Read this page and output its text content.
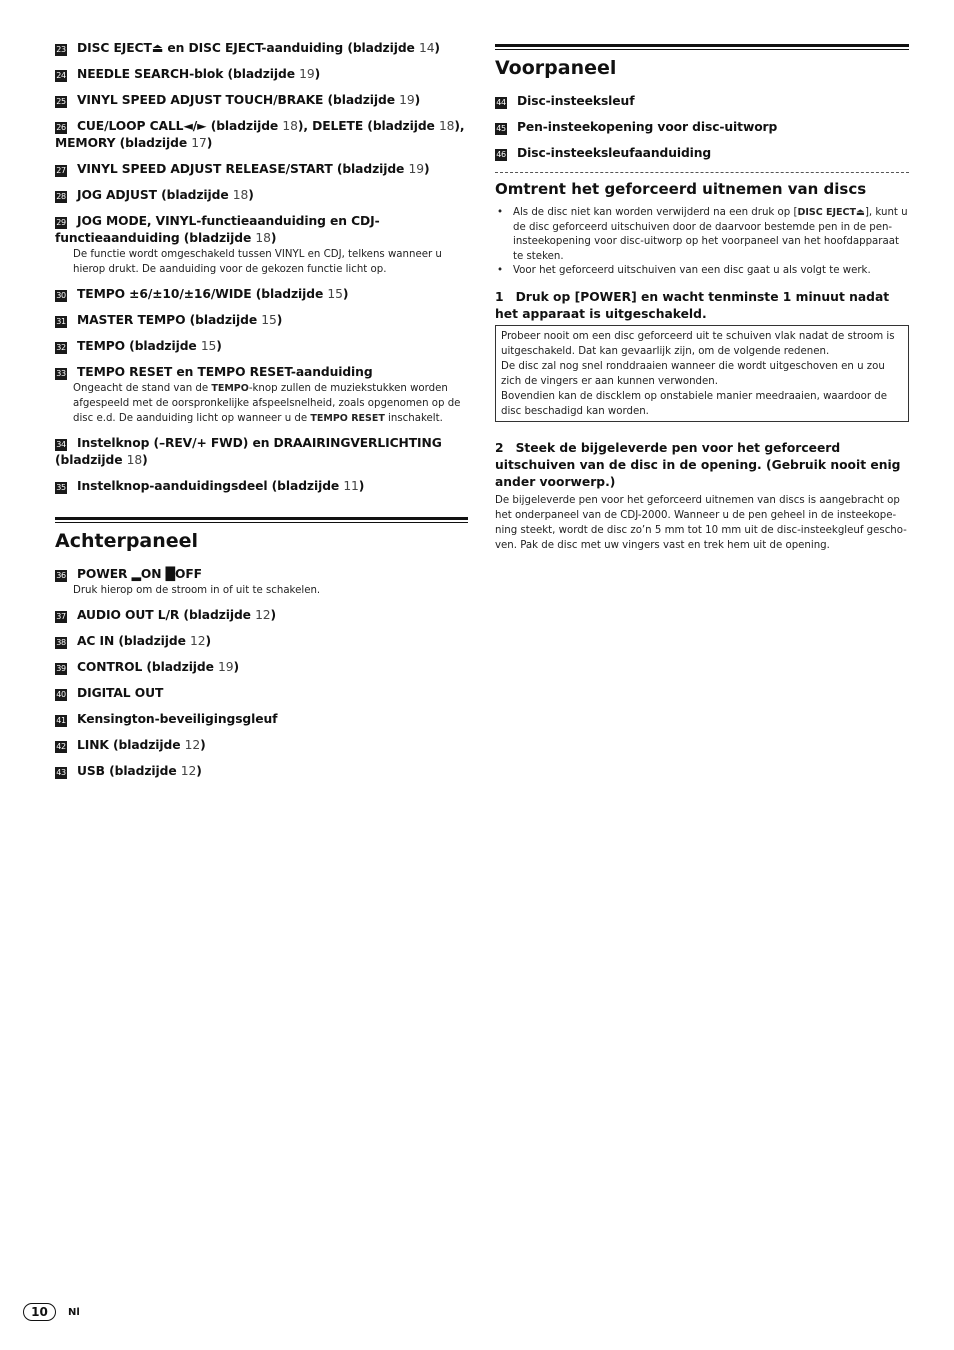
23 DISC EJECT⏏ en DISC EJECT-aanduiding (bladzijde 14)
24 NEEDLE SEARCH-blok (bladzijde 19)
25 VINYL SPEED ADJUST TOUCH/BRAKE (bladzijde 19)
26 CUE/LOOP CALL◄/► (bladzijde 18), DELETE (bladzijde 18), MEMORY (bladzijde 17)
27 VINYL SPEED ADJUST RELEASE/START (bladzijde 19)
28 JOG ADJUST (bladzijde 18)
29 JOG MODE, VINYL-functieaanduiding en CDJ-functieaanduiding (bladzijde 18)
De functie wordt omgeschakeld tussen VINYL en CDJ, telkens wanneer u hierop drukt. De aanduiding voor de gekozen functie licht op.
30 TEMPO ±6/±10/±16/WIDE (bladzijde 15)
31 MASTER TEMPO (bladzijde 15)
32 TEMPO (bladzijde 15)
33 TEMPO RESET en TEMPO RESET-aanduiding
Ongeacht de stand van de TEMPO-knop zullen de muziekstukken worden afgespeeld met de oorspronkelijke afspeelsnelheid, zoals opgenomen op de disc e.d. De aanduiding licht op wanneer u de TEMPO RESET inschakelt.
34 Instelknop (–REV/+ FWD) en DRAAIRINGVERLICHTING (bladzijde 18)
35 Instelknop-aanduidingsdeel (bladzijde 11)
Achterpaneel
36 POWER ▂ON █OFF
Druk hierop om de stroom in of uit te schakelen.
37 AUDIO OUT L/R (bladzijde 12)
38 AC IN (bladzijde 12)
39 CONTROL (bladzijde 19)
40 DIGITAL OUT
41 Kensington-beveiligingsgleuf
42 LINK (bladzijde 12)
43 USB (bladzijde 12)
Voorpaneel
44 Disc-insteeksleuf
45 Pen-insteekopening voor disc-uitworp
46 Disc-insteeksleufaanduiding
Omtrent het geforceerd uitnemen van discs
• Als de disc niet kan worden verwijderd na een druk op [DISC EJECT⏏], kunt u de disc geforceerd uitschuiven door de daarvoor bestemde pen in de pen-insteekopening voor disc-uitworp op het voorpaneel van het hoofdapparaat te steken.
• Voor het geforceerd uitschuiven van een disc gaat u als volgt te werk.
1 Druk op [POWER] en wacht tenminste 1 minuut nadat het apparaat is uitgeschakeld.
Probeer nooit om een disc geforceerd uit te schuiven vlak nadat de stroom is uitgeschakeld. Dat kan gevaarlijk zijn, om de volgende redenen.
De disc zal nog snel ronddraaien wanneer die wordt uitgeschoven en u zou zich de vingers er aan kunnen verwonden.
Bovendien kan de discklem op onstabiele manier meedraaien, waardoor de disc beschadigd kan worden.
2 Steek de bijgeleverde pen voor het geforceerd uitschuiven van de disc in de opening. (Gebruik nooit enig ander voorwerp.)
De bijgeleverde pen voor het geforceerd uitnemen van discs is aangebracht op het onderpaneel van de CDJ-2000. Wanneer u de pen geheel in de insteekope-ning steekt, wordt de disc zo’n 5 mm tot 10 mm uit de disc-insteekgleuf gescho-ven. Pak de disc met uw vingers vast en trek hem uit de opening.
10	Nl
